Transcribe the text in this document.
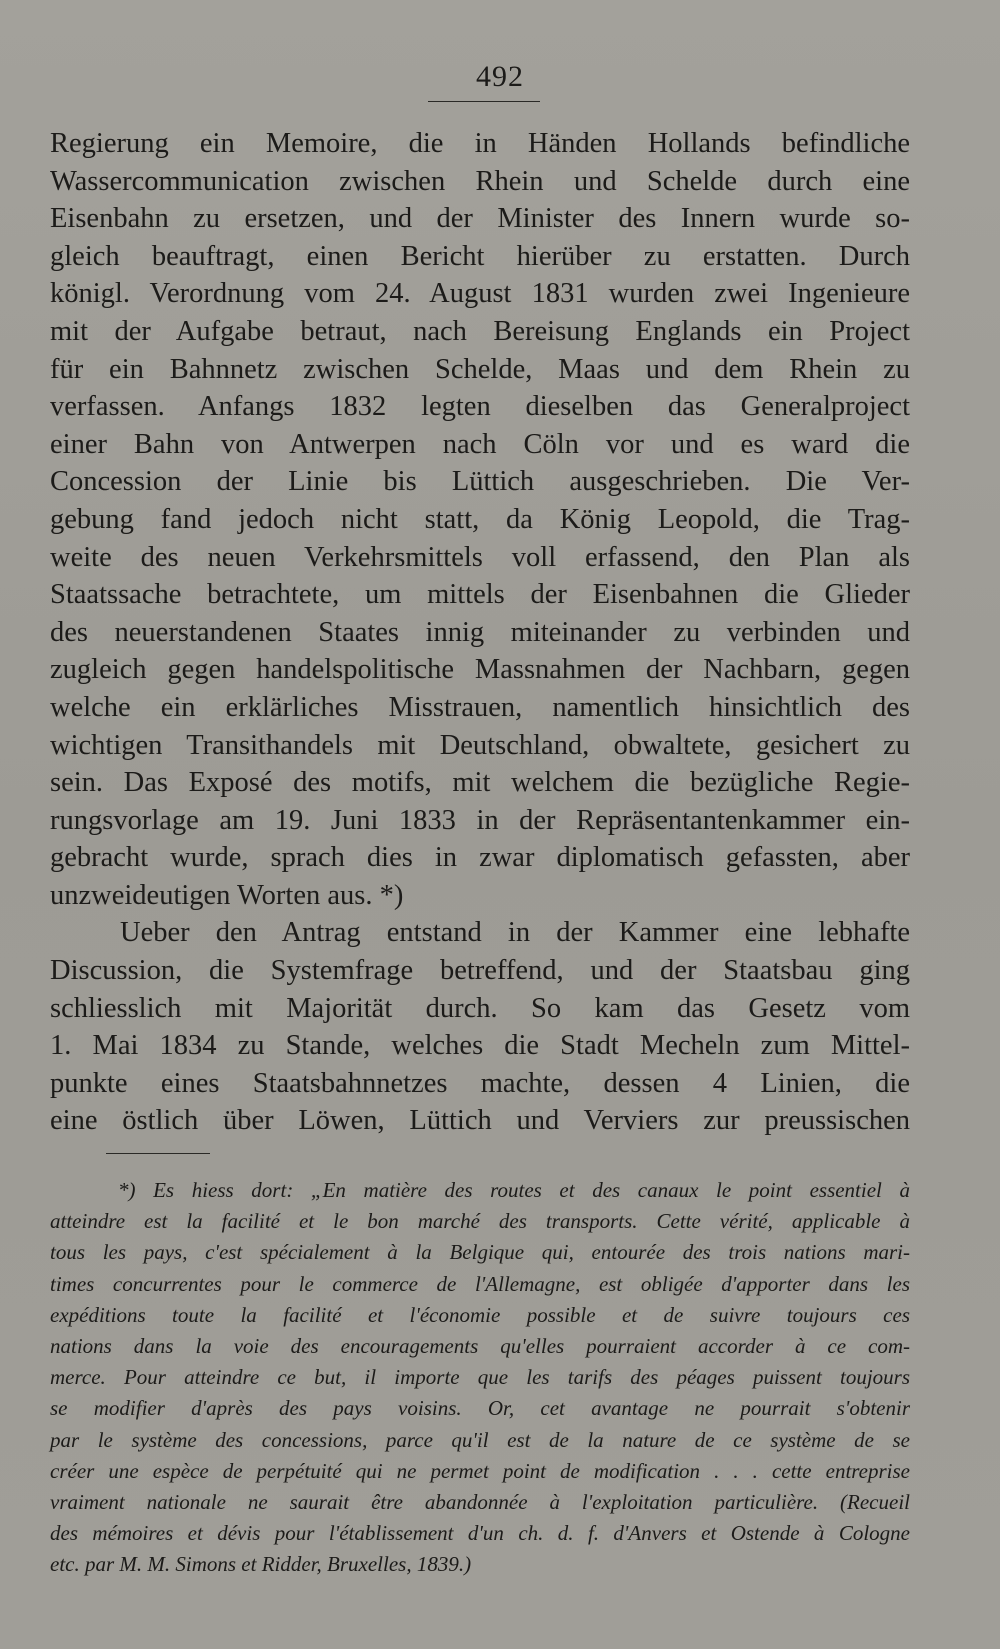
492
Regierung ein Memoire, die in Händen Hollands befindliche
Wassercommunication zwischen Rhein und Schelde durch eine
Eisenbahn zu ersetzen, und der Minister des Innern wurde so-
gleich beauftragt, einen Bericht hierüber zu erstatten. Durch
königl. Verordnung vom 24. August 1831 wurden zwei Ingenieure
mit der Aufgabe betraut, nach Bereisung Englands ein Project
für ein Bahnnetz zwischen Schelde, Maas und dem Rhein zu
verfassen. Anfangs 1832 legten dieselben das Generalproject
einer Bahn von Antwerpen nach Cöln vor und es ward die
Concession der Linie bis Lüttich ausgeschrieben. Die Ver-
gebung fand jedoch nicht statt, da König Leopold, die Trag-
weite des neuen Verkehrsmittels voll erfassend, den Plan als
Staatssache betrachtete, um mittels der Eisenbahnen die Glieder
des neuerstandenen Staates innig miteinander zu verbinden und
zugleich gegen handelspolitische Massnahmen der Nachbarn, gegen
welche ein erklärliches Misstrauen, namentlich hinsichtlich des
wichtigen Transithandels mit Deutschland, obwaltete, gesichert zu
sein. Das Exposé des motifs, mit welchem die bezügliche Regie-
rungsvorlage am 19. Juni 1833 in der Repräsentantenkammer ein-
gebracht wurde, sprach dies in zwar diplomatisch gefassten, aber
unzweideutigen Worten aus. *)
Ueber den Antrag entstand in der Kammer eine lebhafte
Discussion, die Systemfrage betreffend, und der Staatsbau ging
schliesslich mit Majorität durch. So kam das Gesetz vom
1. Mai 1834 zu Stande, welches die Stadt Mecheln zum Mittel-
punkte eines Staatsbahnnetzes machte, dessen 4 Linien, die
eine östlich über Löwen, Lüttich und Verviers zur preussischen
*) Es hiess dort: „En matière des routes et des canaux le point essentiel à
atteindre est la facilité et le bon marché des transports. Cette vérité, applicable à
tous les pays, c'est spécialement à la Belgique qui, entourée des trois nations mari-
times concurrentes pour le commerce de l'Allemagne, est obligée d'apporter dans les
expéditions toute la facilité et l'économie possible et de suivre toujours ces
nations dans la voie des encouragements qu'elles pourraient accorder à ce com-
merce. Pour atteindre ce but, il importe que les tarifs des péages puissent toujours
se modifier d'après des pays voisins. Or, cet avantage ne pourrait s'obtenir
par le système des concessions, parce qu'il est de la nature de ce système de se
créer une espèce de perpétuité qui ne permet point de modification . . . cette entreprise
vraiment nationale ne saurait être abandonnée à l'exploitation particulière. (Recueil
des mémoires et dévis pour l'établissement d'un ch. d. f. d'Anvers et Ostende à Cologne
etc. par M. M. Simons et Ridder, Bruxelles, 1839.)
